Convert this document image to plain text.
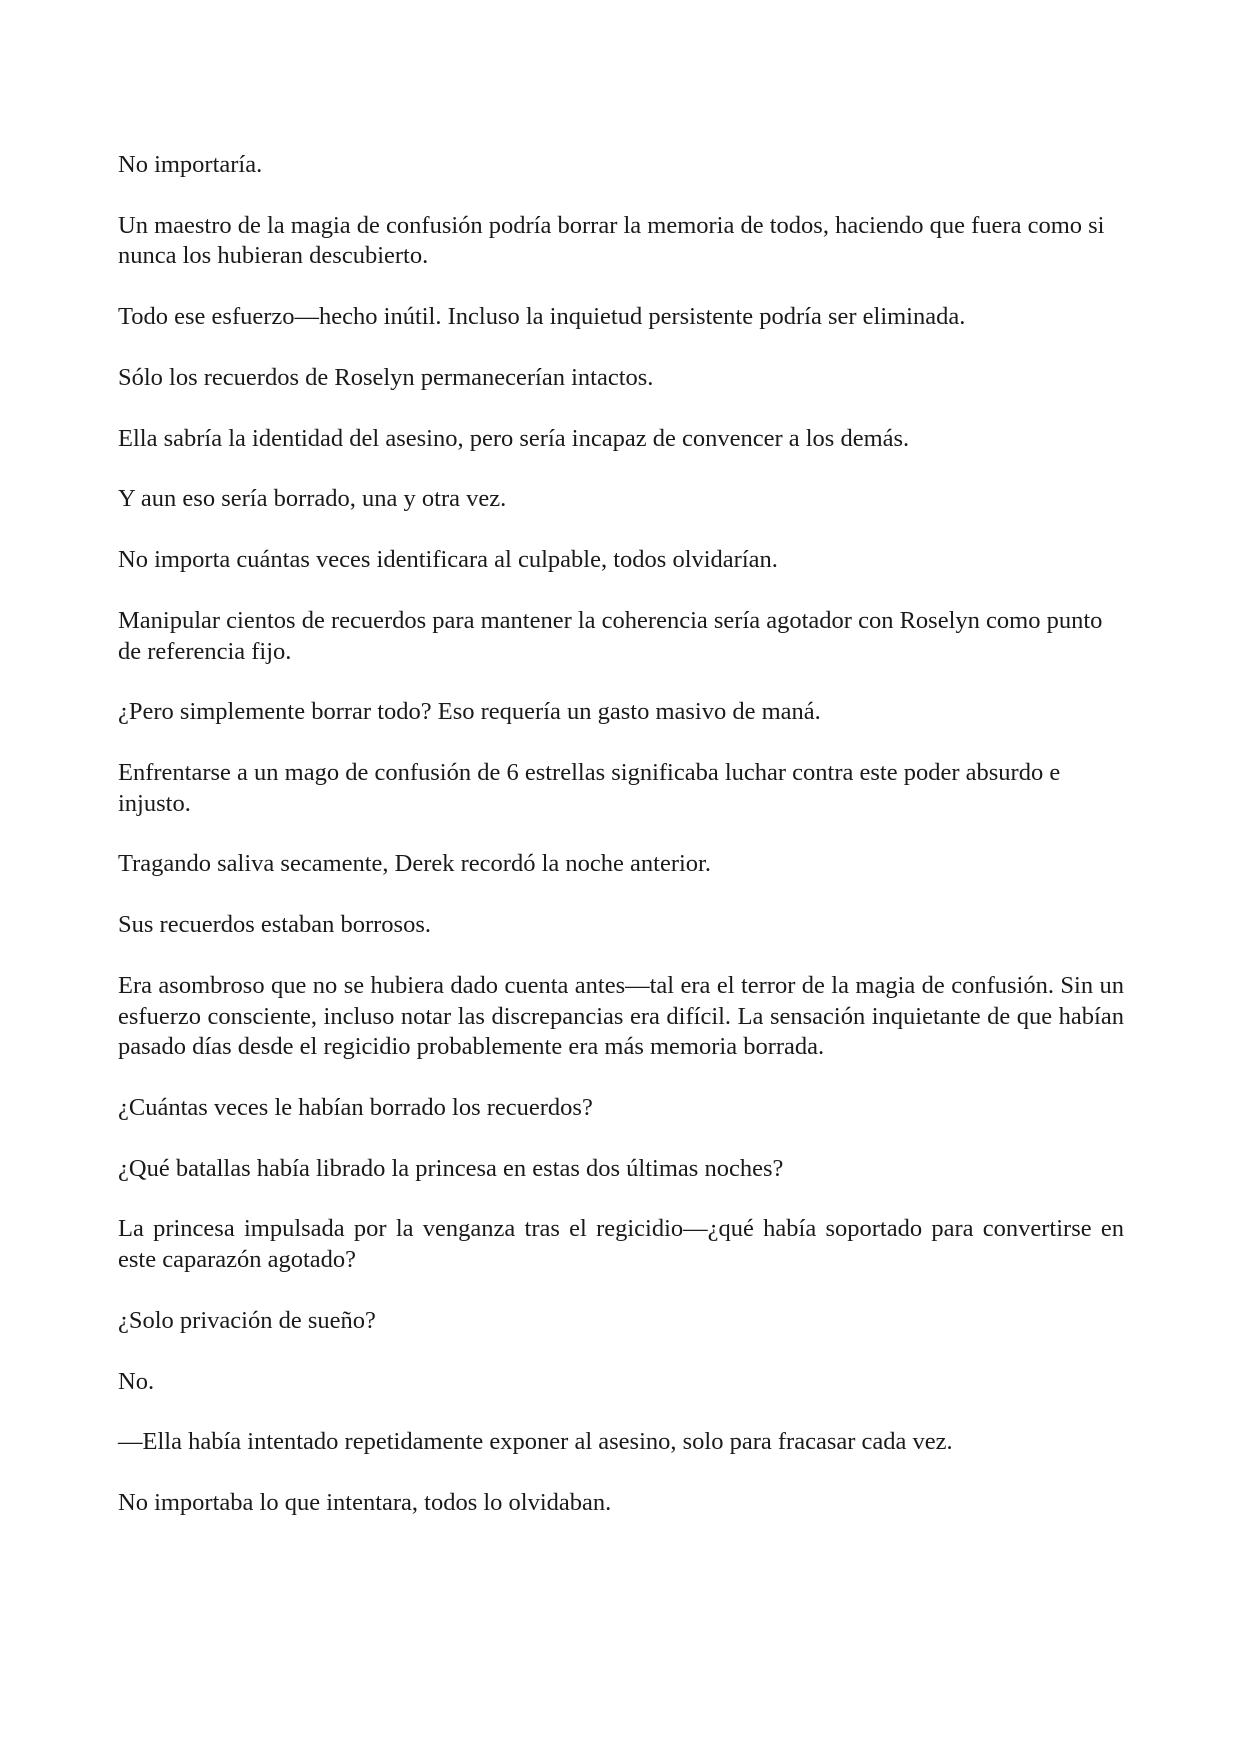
No importaría.

Un maestro de la magia de confusión podría borrar la memoria de todos, haciendo que fuera como si nunca los hubieran descubierto.

Todo ese esfuerzo—hecho inútil. Incluso la inquietud persistente podría ser eliminada.

Sólo los recuerdos de Roselyn permanecerían intactos.

Ella sabría la identidad del asesino, pero sería incapaz de convencer a los demás.

Y aun eso sería borrado, una y otra vez.

No importa cuántas veces identificara al culpable, todos olvidarían.

Manipular cientos de recuerdos para mantener la coherencia sería agotador con Roselyn como punto de referencia fijo.

¿Pero simplemente borrar todo? Eso requería un gasto masivo de maná.

Enfrentarse a un mago de confusión de 6 estrellas significaba luchar contra este poder absurdo e injusto.

Tragando saliva secamente, Derek recordó la noche anterior.

Sus recuerdos estaban borrosos.

Era asombroso que no se hubiera dado cuenta antes—tal era el terror de la magia de confusión. Sin un esfuerzo consciente, incluso notar las discrepancias era difícil. La sensación inquietante de que habían pasado días desde el regicidio probablemente era más memoria borrada.

¿Cuántas veces le habían borrado los recuerdos?

¿Qué batallas había librado la princesa en estas dos últimas noches?

La princesa impulsada por la venganza tras el regicidio—¿qué había soportado para convertirse en este caparazón agotado?

¿Solo privación de sueño?

No.

—Ella había intentado repetidamente exponer al asesino, solo para fracasar cada vez.

No importaba lo que intentara, todos lo olvidaban.
